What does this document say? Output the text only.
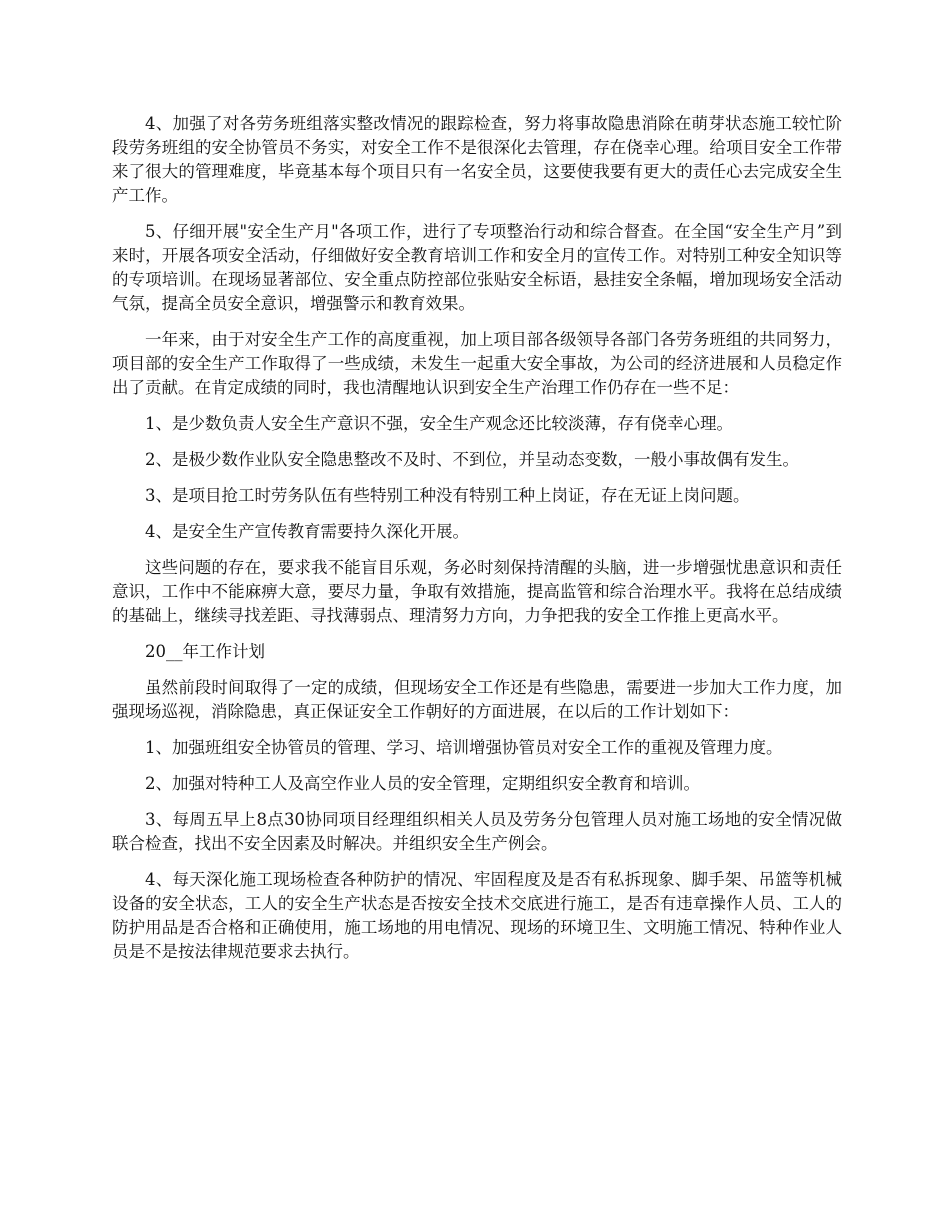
4、加强了对各劳务班组落实整改情况的跟踪检查，努力将事故隐患消除在萌芽状态施工较忙阶段劳务班组的安全协管员不务实，对安全工作不是很深化去管理，存在侥幸心理。给项目安全工作带来了很大的管理难度，毕竟基本每个项目只有一名安全员，这要使我要有更大的责任心去完成安全生产工作。

5、仔细开展"安全生产月"各项工作，进行了专项整治行动和综合督查。在全国“安全生产月”到来时，开展各项安全活动，仔细做好安全教育培训工作和安全月的宣传工作。对特别工种安全知识等的专项培训。在现场显著部位、安全重点防控部位张贴安全标语，悬挂安全条幅，增加现场安全活动气氛，提高全员安全意识，增强警示和教育效果。

一年来，由于对安全生产工作的高度重视，加上项目部各级领导各部门各劳务班组的共同努力，项目部的安全生产工作取得了一些成绩，未发生一起重大安全事故，为公司的经济进展和人员稳定作出了贡献。在肯定成绩的同时，我也清醒地认识到安全生产治理工作仍存在一些不足：

1、是少数负责人安全生产意识不强，安全生产观念还比较淡薄，存有侥幸心理。

2、是极少数作业队安全隐患整改不及时、不到位，并呈动态变数，一般小事故偶有发生。

3、是项目抢工时劳务队伍有些特别工种没有特别工种上岗证，存在无证上岗问题。

4、是安全生产宣传教育需要持久深化开展。

这些问题的存在，要求我不能盲目乐观，务必时刻保持清醒的头脑，进一步增强忧患意识和责任意识，工作中不能麻痹大意，要尽力量，争取有效措施，提高监管和综合治理水平。我将在总结成绩的基础上，继续寻找差距、寻找薄弱点、理清努力方向，力争把我的安全工作推上更高水平。

20__年工作计划

虽然前段时间取得了一定的成绩，但现场安全工作还是有些隐患，需要进一步加大工作力度，加强现场巡视，消除隐患，真正保证安全工作朝好的方面进展，在以后的工作计划如下：

1、加强班组安全协管员的管理、学习、培训增强协管员对安全工作的重视及管理力度。

2、加强对特种工人及高空作业人员的安全管理，定期组织安全教育和培训。

3、每周五早上8点30协同项目经理组织相关人员及劳务分包管理人员对施工场地的安全情况做联合检查，找出不安全因素及时解决。并组织安全生产例会。

4、每天深化施工现场检查各种防护的情况、牢固程度及是否有私拆现象、脚手架、吊篮等机械设备的安全状态，工人的安全生产状态是否按安全技术交底进行施工，是否有违章操作人员、工人的防护用品是否合格和正确使用，施工场地的用电情况、现场的环境卫生、文明施工情况、特种作业人员是不是按法律规范要求去执行。
